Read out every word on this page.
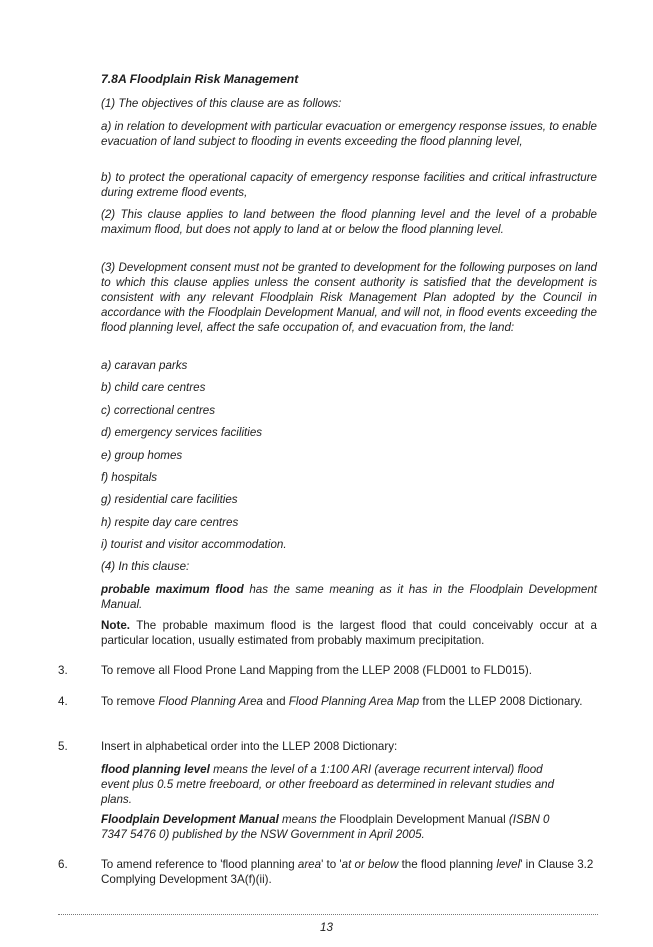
7.8A Floodplain Risk Management
(1) The objectives of this clause are as follows:
a) in relation to development with particular evacuation or emergency response issues, to enable evacuation of land subject to flooding in events exceeding the flood planning level,
b) to protect the operational capacity of emergency response facilities and critical infrastructure during extreme flood events,
(2) This clause applies to land between the flood planning level and the level of a probable maximum flood, but does not apply to land at or below the flood planning level.
(3) Development consent must not be granted to development for the following purposes on land to which this clause applies unless the consent authority is satisfied that the development is consistent with any relevant Floodplain Risk Management Plan adopted by the Council in accordance with the Floodplain Development Manual, and will not, in flood events exceeding the flood planning level, affect the safe occupation of, and evacuation from, the land:
a) caravan parks
b) child care centres
c) correctional centres
d) emergency services facilities
e) group homes
f) hospitals
g) residential care facilities
h) respite day care centres
i) tourist and visitor accommodation.
(4) In this clause:
probable maximum flood has the same meaning as it has in the Floodplain Development Manual.
Note. The probable maximum flood is the largest flood that could conceivably occur at a particular location, usually estimated from probably maximum precipitation.
3.	To remove all Flood Prone Land Mapping from the LLEP 2008 (FLD001 to FLD015).
4.	To remove Flood Planning Area and Flood Planning Area Map from the LLEP 2008 Dictionary.
5.	Insert in alphabetical order into the LLEP 2008 Dictionary:
flood planning level means the level of a 1:100 ARI (average recurrent interval) flood event plus 0.5 metre freeboard, or other freeboard as determined in relevant studies and plans.
Floodplain Development Manual means the Floodplain Development Manual (ISBN 0 7347 5476 0) published by the NSW Government in April 2005.
6.	To amend reference to 'flood planning area' to 'at or below the flood planning level' in Clause 3.2 Complying Development 3A(f)(ii).
13
